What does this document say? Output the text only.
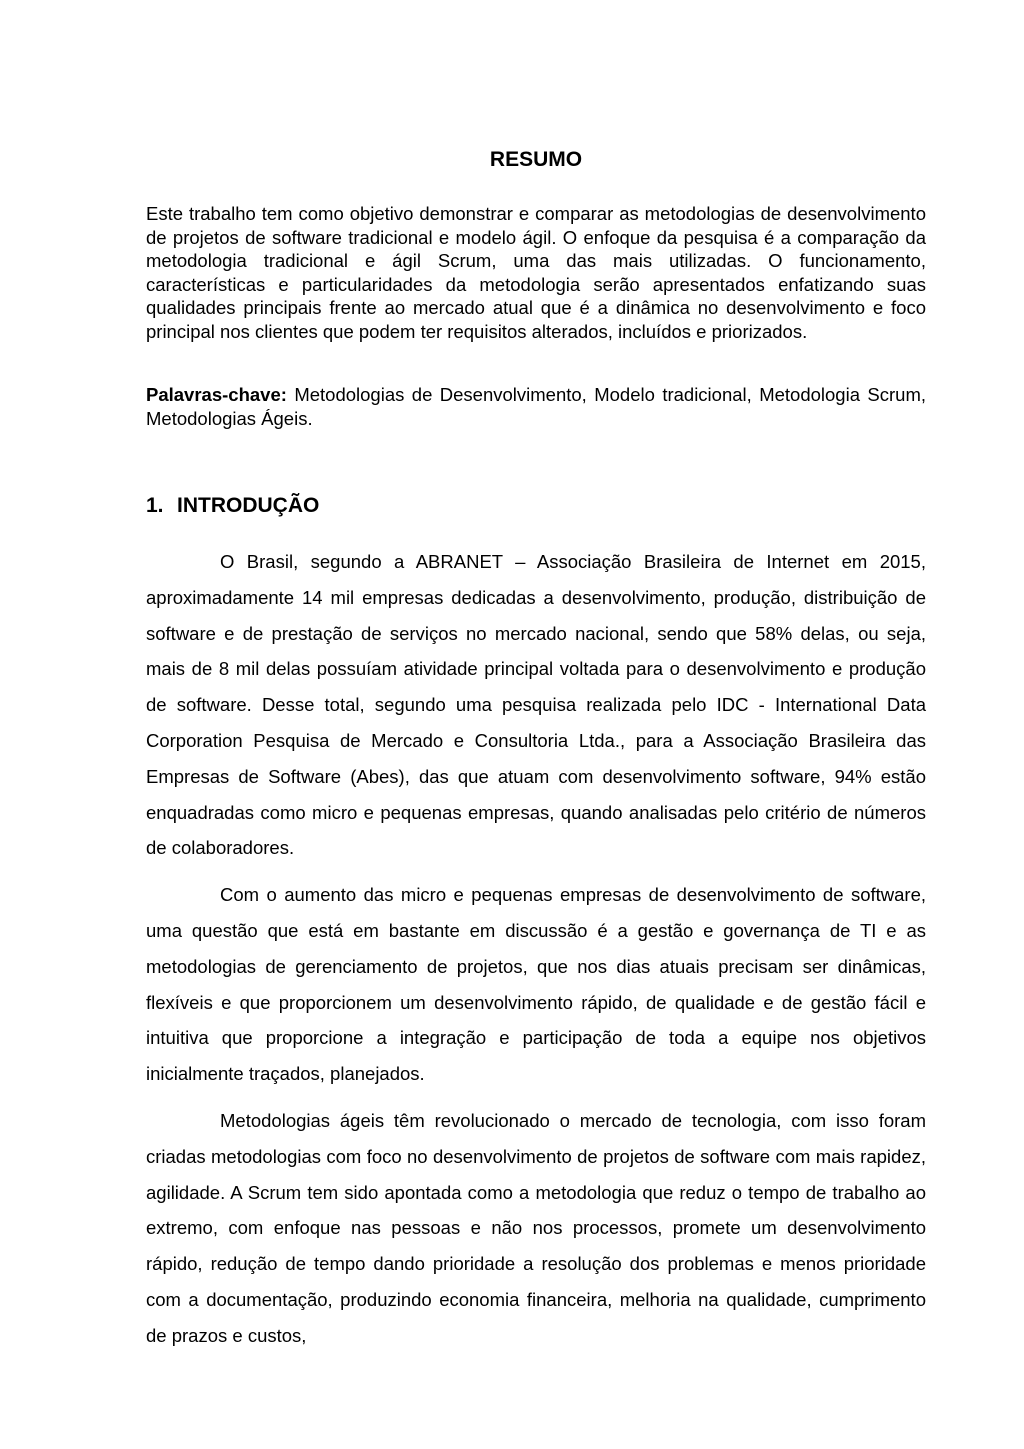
RESUMO

Este trabalho tem como objetivo demonstrar e comparar as metodologias de desenvolvimento de projetos de software tradicional e modelo ágil. O enfoque da pesquisa é a comparação da metodologia tradicional e ágil Scrum, uma das mais utilizadas. O funcionamento, características e particularidades da metodologia serão apresentados enfatizando suas qualidades principais frente ao mercado atual que é a dinâmica no desenvolvimento e foco principal nos clientes que podem ter requisitos alterados, incluídos e priorizados.

Palavras-chave: Metodologias de Desenvolvimento, Modelo tradicional, Metodologia Scrum, Metodologias Ágeis.

1. INTRODUÇÃO

O Brasil, segundo a ABRANET – Associação Brasileira de Internet em 2015, aproximadamente 14 mil empresas dedicadas a desenvolvimento, produção, distribuição de software e de prestação de serviços no mercado nacional, sendo que 58% delas, ou seja, mais de 8 mil delas possuíam atividade principal voltada para o desenvolvimento e produção de software. Desse total, segundo uma pesquisa realizada pelo IDC - International Data Corporation Pesquisa de Mercado e Consultoria Ltda., para a Associação Brasileira das Empresas de Software (Abes), das que atuam com desenvolvimento software, 94% estão enquadradas como micro e pequenas empresas, quando analisadas pelo critério de números de colaboradores.

Com o aumento das micro e pequenas empresas de desenvolvimento de software, uma questão que está em bastante em discussão é a gestão e governança de TI e as metodologias de gerenciamento de projetos, que nos dias atuais precisam ser dinâmicas, flexíveis e que proporcionem um desenvolvimento rápido, de qualidade e de gestão fácil e intuitiva que proporcione a integração e participação de toda a equipe nos objetivos inicialmente traçados, planejados.

Metodologias ágeis têm revolucionado o mercado de tecnologia, com isso foram criadas metodologias com foco no desenvolvimento de projetos de software com mais rapidez, agilidade. A Scrum tem sido apontada como a metodologia que reduz o tempo de trabalho ao extremo, com enfoque nas pessoas e não nos processos, promete um desenvolvimento rápido, redução de tempo dando prioridade a resolução dos problemas e menos prioridade com a documentação, produzindo economia financeira, melhoria na qualidade, cumprimento de prazos e custos,
